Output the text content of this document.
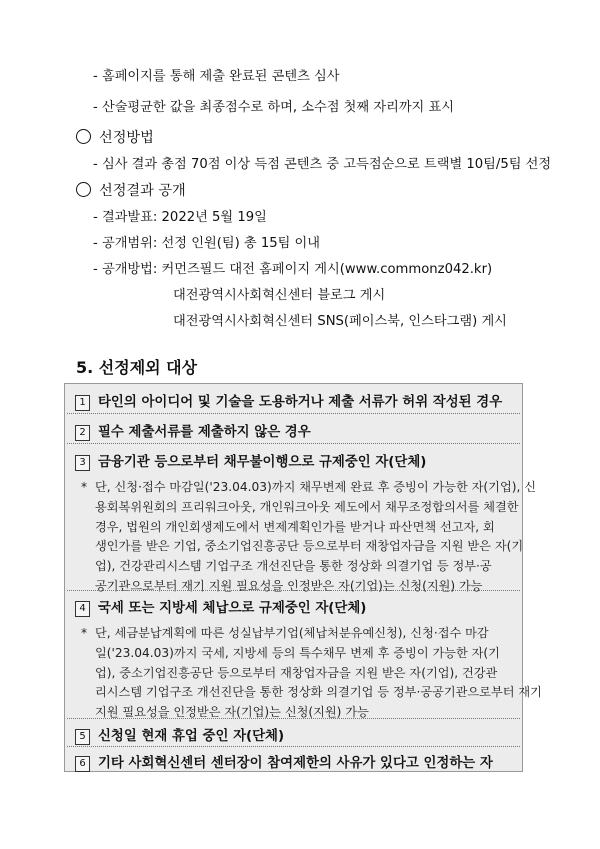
- 홈페이지를 통해 제출 완료된 콘텐츠 심사
- 산술평균한 값을 최종점수로 하며, 소수점 첫째 자리까지 표시
선정방법
- 심사 결과 총점 70점 이상 득점 콘텐츠 중 고득점순으로 트랙별 10팀/5팀 선정
선정결과 공개
- 결과발표: 2022년 5월 19일
- 공개범위: 선정 인원(팀) 총 15팀 이내
- 공개방법: 커먼즈필드 대전 홈페이지 게시(www.commonz042.kr)
대전광역시사회혁신센터 블로그 게시
대전광역시사회혁신센터 SNS(페이스북, 인스타그램) 게시
5. 선정제외 대상
1 타인의 아이디어 및 기술을 도용하거나 제출 서류가 허위 작성된 경우
2 필수 제출서류를 제출하지 않은 경우
3 금융기관 등으로부터 채무불이행으로 규제중인 자(단체)
* 단, 신청·접수 마감일('23.04.03)까지 채무변제 완료 후 증빙이 가능한 자(기업), 신
용회복위원회의 프리워크아웃, 개인워크아웃 제도에서 채무조정합의서를 체결한
경우, 법원의 개인회생제도에서 변제계획인가를 받거나 파산면책 선고자, 회
생인가를 받은 기업, 중소기업진흥공단 등으로부터 재창업자금을 지원 받은 자(기
업), 건강관리시스템 기업구조 개선진단을 통한 정상화 의결기업 등 정부·공
공기관으로부터 재기 지원 필요성을 인정받은 자(기업)는 신청(지원) 가능
4 국세 또는 지방세 체납으로 규제중인 자(단체)
* 단, 세금분납계획에 따른 성실납부기업(체납처분유예신청), 신청·접수 마감
일('23.04.03)까지 국세, 지방세 등의 특수채무 변제 후 증빙이 가능한 자(기
업), 중소기업진흥공단 등으로부터 재창업자금을 지원 받은 자(기업), 건강관
리시스템 기업구조 개선진단을 통한 정상화 의결기업 등 정부·공공기관으로부터 재기
지원 필요성을 인정받은 자(기업)는 신청(지원) 가능
5 신청일 현재 휴업 중인 자(단체)
6 기타 사회혁신센터 센터장이 참여제한의 사유가 있다고 인정하는 자
